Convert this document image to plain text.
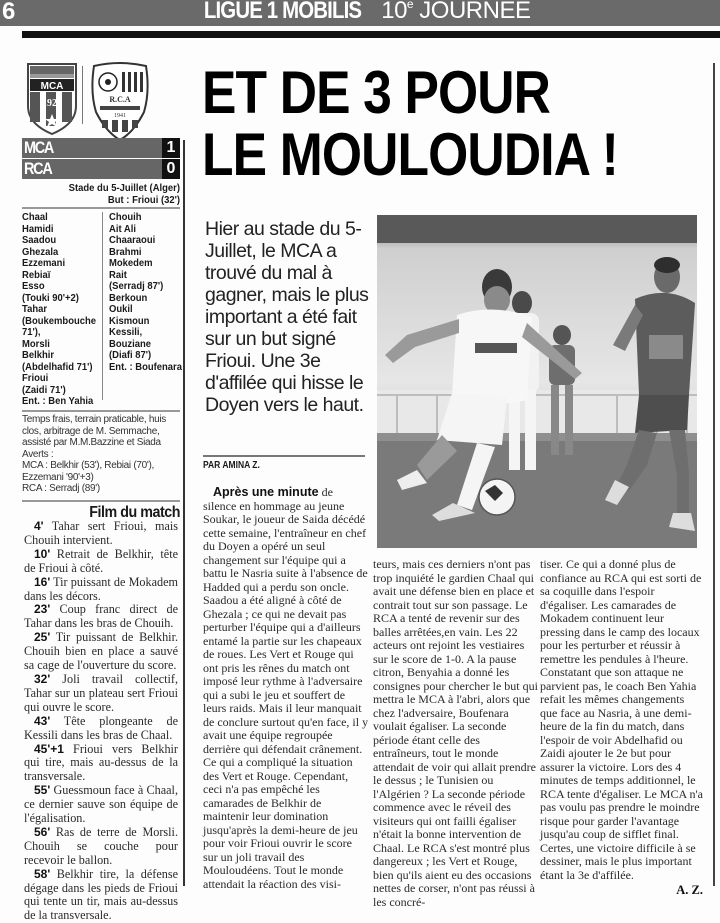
6	LIGUE 1 MOBILIS 10e JOURNEE
MCA
1921	R.C.A
1941
MCA	1
RCA	0
Stade du 5-Juillet (Alger)
But : Frioui (32')
Chaal
Hamidi
Saadou
Ghezala
Ezzemani
Rebiaï
Esso
(Touki 90'+2)
Tahar
(Boukembouche
71'),
Morsli
Belkhir
(Abdelhafid 71')
Frioui
(Zaidi 71')
Ent. : Ben Yahia
Chouih
Ait Ali
Chaaraoui
Brahmi
Mokedem
Rait
(Serradj 87')
Berkoun
Oukil
Kismoun
Kessili,
Bouziane
(Diafi 87')
Ent. : Boufenara
Temps frais, terrain praticable, huis clos, arbitrage de M. Semmache, assisté par M.M.Bazzine et Siada
Averts :
MCA : Belkhir (53'), Rebiai (70'), Ezzemani '90'+3)
RCA : Serradj (89')
Film du match
4' Tahar sert Frioui, mais Chouih intervient.
10' Retrait de Belkhir, tête de Frioui à côté.
16' Tir puissant de Mokadem dans les décors.
23' Coup franc direct de Tahar dans les bras de Chouih.
25' Tir puissant de Belkhir. Chouih bien en place a sauvé sa cage de l'ouverture du score.
32' Joli travail collectif, Tahar sur un plateau sert Frioui qui ouvre le score.
43' Tête plongeante de Kessili dans les bras de Chaal.
45'+1 Frioui vers Belkhir qui tire, mais au-dessus de la transversale.
55' Guessmoun face à Chaal, ce dernier sauve son équipe de l'égalisation.
56' Ras de terre de Morsli. Chouih se couche pour recevoir le ballon.
58' Belkhir tire, la défense dégage dans les pieds de Frioui qui tente un tir, mais au-dessus de la transversale.
ET DE 3 POUR
LE MOULOUDIA !
Hier au stade du 5-Juillet, le MCA a trouvé du mal à gagner, mais le plus important a été fait sur un but signé Frioui. Une 3e d'affilée qui hisse le Doyen vers le haut.
PAR AMINA Z.
Après une minute de silence en hommage au jeune Soukar, le joueur de Saida décédé cette semaine, l'entraîneur en chef du Doyen a opéré un seul changement sur l'équipe qui a battu le Nasria suite à l'absence de Hadded qui a perdu son oncle. Saadou a été aligné à côté de Ghezala ; ce qui ne devait pas perturber l'équipe qui a d'ailleurs entamé la partie sur les chapeaux de roues. Les Vert et Rouge qui ont pris les rênes du match ont imposé leur rythme à l'adversaire qui a subi le jeu et souffert de leurs raids. Mais il leur manquait de conclure surtout qu'en face, il y avait une équipe regroupée derrière qui défendait crânement. Ce qui a compliqué la situation des Vert et Rouge. Cependant, ceci n'a pas empêché les camarades de Belkhir de maintenir leur domination jusqu'après la demi-heure de jeu pour voir Frioui ouvrir le score sur un joli travail des Mouloudéens. Tout le monde attendait la réaction des visi-
teurs, mais ces derniers n'ont pas trop inquiété le gardien Chaal qui avait une défense bien en place et contrait tout sur son passage. Le RCA a tenté de revenir sur des balles arrêtées,en vain. Les 22 acteurs ont rejoint les vestiaires sur le score de 1-0. A la pause citron, Benyahia a donné les consignes pour chercher le but qui mettra le MCA à l'abri, alors que chez l'adversaire, Boufenara voulait égaliser. La seconde période étant celle des entraîneurs, tout le monde attendait de voir qui allait prendre le dessus ; le Tunisien ou l'Algérien ? La seconde période commence avec le réveil des visiteurs qui ont failli égaliser n'était la bonne intervention de Chaal. Le RCA s'est montré plus dangereux ; les Vert et Rouge, bien qu'ils aient eu des occasions nettes de corser, n'ont pas réussi à les concré-
tiser. Ce qui a donné plus de confiance au RCA qui est sorti de sa coquille dans l'espoir d'égaliser. Les camarades de Mokadem continuent leur pressing dans le camp des locaux pour les perturber et réussir à remettre les pendules à l'heure. Constatant que son attaque ne parvient pas, le coach Ben Yahia refait les mêmes changements que face au Nasria, à une demi-heure de la fin du match, dans l'espoir de voir Abdelhafid ou Zaidi ajouter le 2e but pour assurer la victoire. Lors des 4 minutes de temps additionnel, le RCA tente d'égaliser. Le MCA n'a pas voulu pas prendre le moindre risque pour garder l'avantage jusqu'au coup de sifflet final. Certes, une victoire difficile à se dessiner, mais le plus important étant la 3e d'affilée.
A. Z.
